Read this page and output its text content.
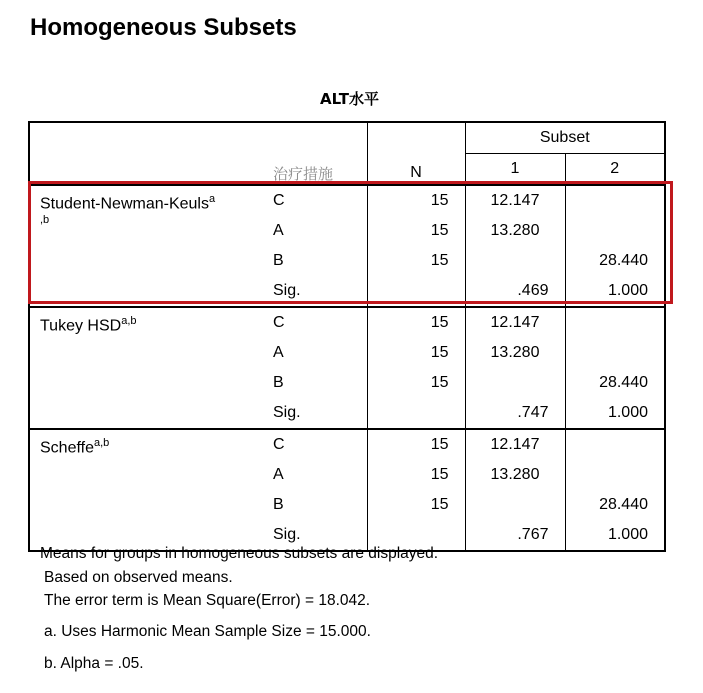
Homogeneous Subsets
ALT水平
	治疗措施	N	Subset	
			1	2
Student-Newman-Keuls$^a$
$^{,b}$	C	15	12.147	
	A	15	13.280	
	B	15		28.440
	Sig.		.469	1.000
Tukey HSD$^{a,b}$	C	15	12.147	
	A	15	13.280	
	B	15		28.440
	Sig.		.747	1.000
Scheffe$^{a,b}$	C	15	12.147	
	A	15	13.280	
	B	15		28.440
	Sig.		.767	1.000

Means for groups in homogeneous subsets are displayed.

Based on observed means.

The error term is Mean Square(Error) = 18.042.

a. Uses Harmonic Mean Sample Size = 15.000.

b. Alpha = .05.
